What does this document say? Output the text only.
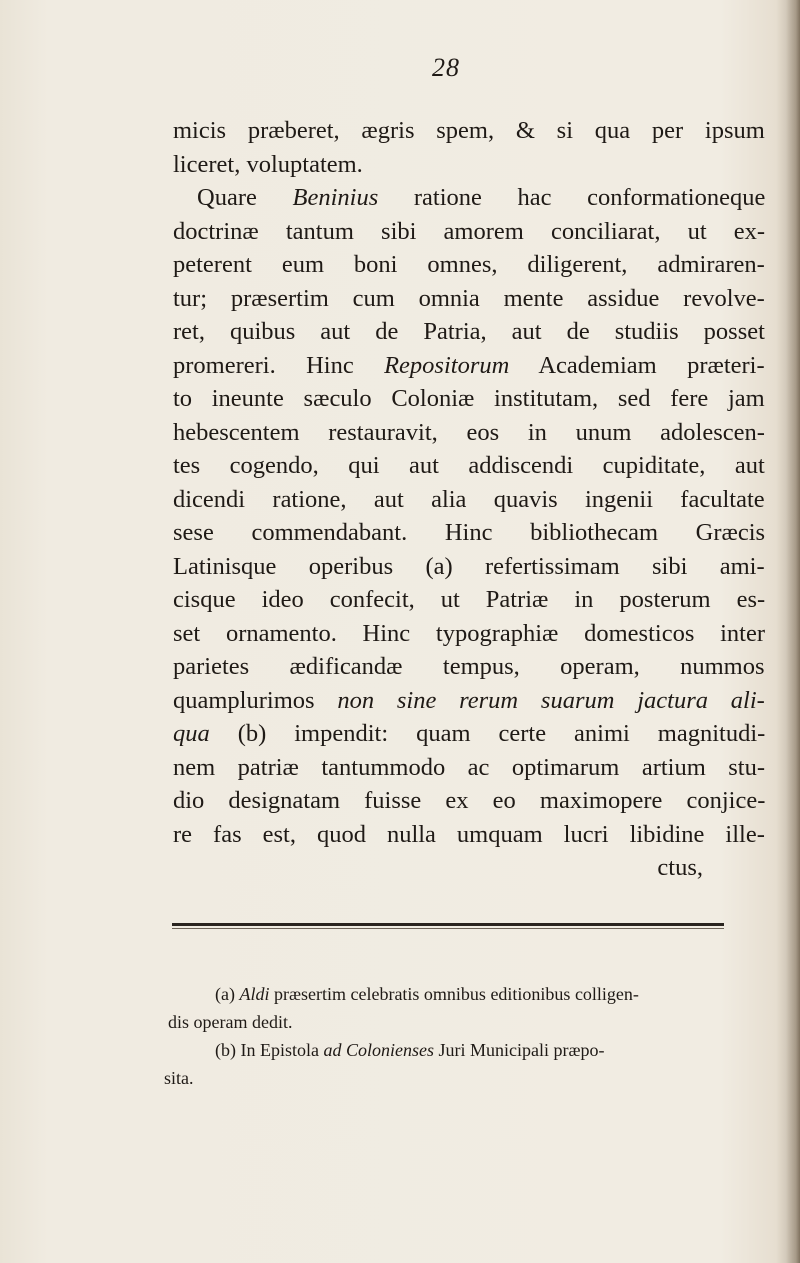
28
micis præberet, ægris spem, & si qua per ipsum
liceret, voluptatem.
Quare Beninius ratione hac conformationeque
doctrinæ tantum sibi amorem conciliarat, ut ex-
peterent eum boni omnes, diligerent, admiraren-
tur; præsertim cum omnia mente assidue revolve-
ret, quibus aut de Patria, aut de studiis posset
promereri. Hinc Repositorum Academiam præteri-
to ineunte sæculo Coloniæ institutam, sed fere jam
hebescentem restauravit, eos in unum adolescen-
tes cogendo, qui aut addiscendi cupiditate, aut
dicendi ratione, aut alia quavis ingenii facultate
sese commendabant. Hinc bibliothecam Græcis
Latinisque operibus (a) refertissimam sibi ami-
cisque ideo confecit, ut Patriæ in posterum es-
set ornamento. Hinc typographiæ domesticos inter
parietes ædificandæ tempus, operam, nummos
quamplurimos non sine rerum suarum jactura ali-
qua (b) impendit: quam certe animi magnitudi-
nem patriæ tantummodo ac optimarum artium stu-
dio designatam fuisse ex eo maximopere conjice-
re fas est, quod nulla umquam lucri libidine ille-
ctus,
(a) Aldi præsertim celebratis omnibus editionibus colligen-
dis operam dedit.
(b) In Epistola ad Colonienses Juri Municipali præpo-
sita.
